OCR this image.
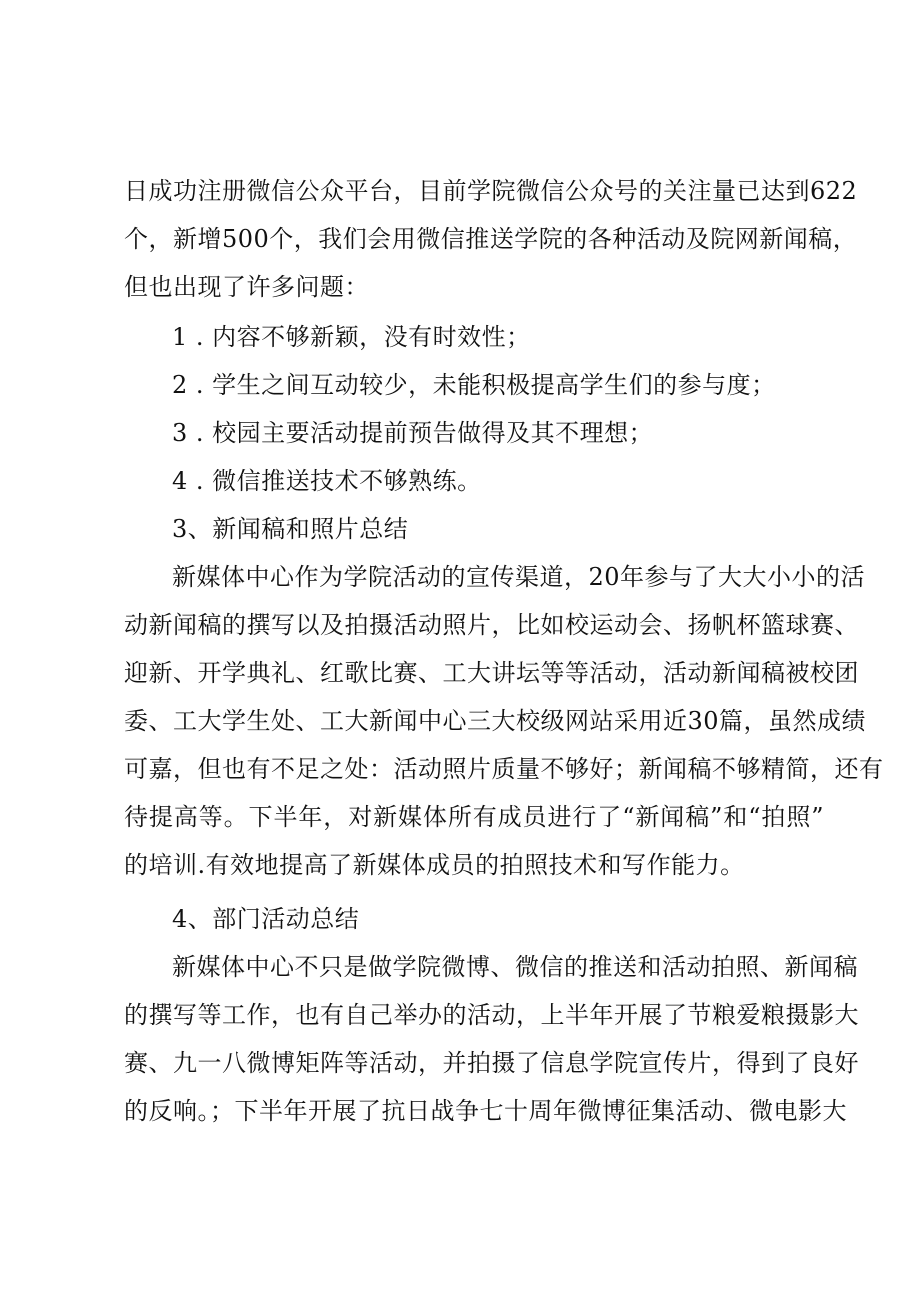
日成功注册微信公众平台，目前学院微信公众号的关注量已达到622
个，新增500个，我们会用微信推送学院的各种活动及院网新闻稿，
但也出现了许多问题：
1 . 内容不够新颖，没有时效性；
2 . 学生之间互动较少，未能积极提高学生们的参与度；
3 . 校园主要活动提前预告做得及其不理想；
4 . 微信推送技术不够熟练。
3、新闻稿和照片总结
新媒体中心作为学院活动的宣传渠道，20年参与了大大小小的活
动新闻稿的撰写以及拍摄活动照片，比如校运动会、扬帆杯篮球赛、
迎新、开学典礼、红歌比赛、工大讲坛等等活动，活动新闻稿被校团
委、工大学生处、工大新闻中心三大校级网站采用近30篇，虽然成绩
可嘉，但也有不足之处：活动照片质量不够好；新闻稿不够精简，还有
待提高等。下半年，对新媒体所有成员进行了“新闻稿”和“拍照”
的培训.有效地提高了新媒体成员的拍照技术和写作能力。
4、部门活动总结
新媒体中心不只是做学院微博、微信的推送和活动拍照、新闻稿
的撰写等工作，也有自己举办的活动，上半年开展了节粮爱粮摄影大
赛、九一八微博矩阵等活动，并拍摄了信息学院宣传片，得到了良好
的反响。；下半年开展了抗日战争七十周年微博征集活动、微电影大
